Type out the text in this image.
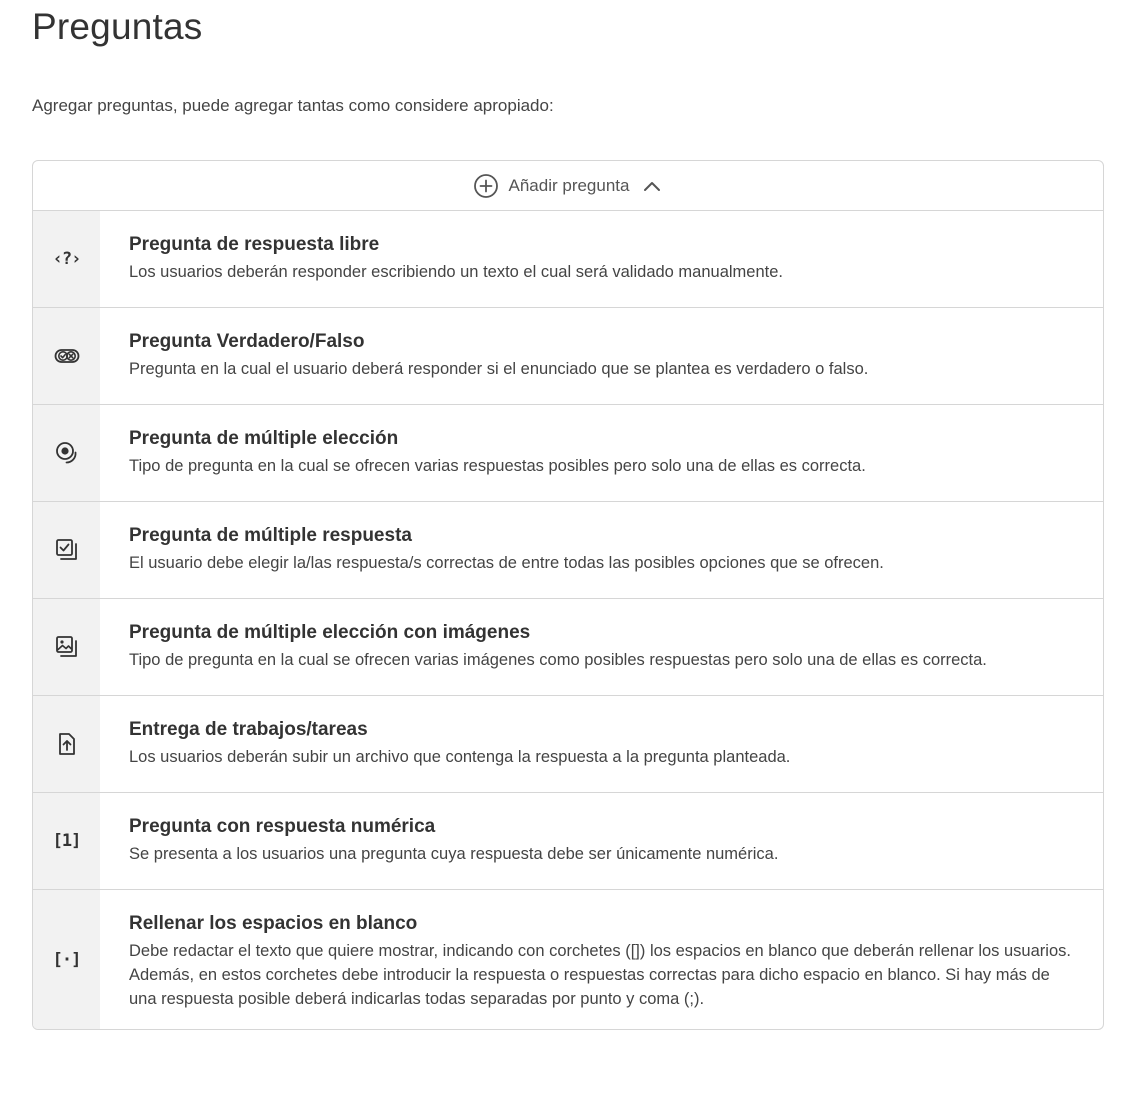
Preguntas
Agregar preguntas, puede agregar tantas como considere apropiado:
Añadir pregunta
‹?›
Pregunta de respuesta libre
Los usuarios deberán responder escribiendo un texto el cual será validado manualmente.
Pregunta Verdadero/Falso
Pregunta en la cual el usuario deberá responder si el enunciado que se plantea es verdadero o falso.
Pregunta de múltiple elección
Tipo de pregunta en la cual se ofrecen varias respuestas posibles pero solo una de ellas es correcta.
Pregunta de múltiple respuesta
El usuario debe elegir la/las respuesta/s correctas de entre todas las posibles opciones que se ofrecen.
Pregunta de múltiple elección con imágenes
Tipo de pregunta en la cual se ofrecen varias imágenes como posibles respuestas pero solo una de ellas es correcta.
Entrega de trabajos/tareas
Los usuarios deberán subir un archivo que contenga la respuesta a la pregunta planteada.
[1]
Pregunta con respuesta numérica
Se presenta a los usuarios una pregunta cuya respuesta debe ser únicamente numérica.
[·]
Rellenar los espacios en blanco
Debe redactar el texto que quiere mostrar, indicando con corchetes ([]) los espacios en blanco que deberán rellenar los usuarios. Además, en estos corchetes debe introducir la respuesta o respuestas correctas para dicho espacio en blanco. Si hay más de una respuesta posible deberá indicarlas todas separadas por punto y coma (;).
